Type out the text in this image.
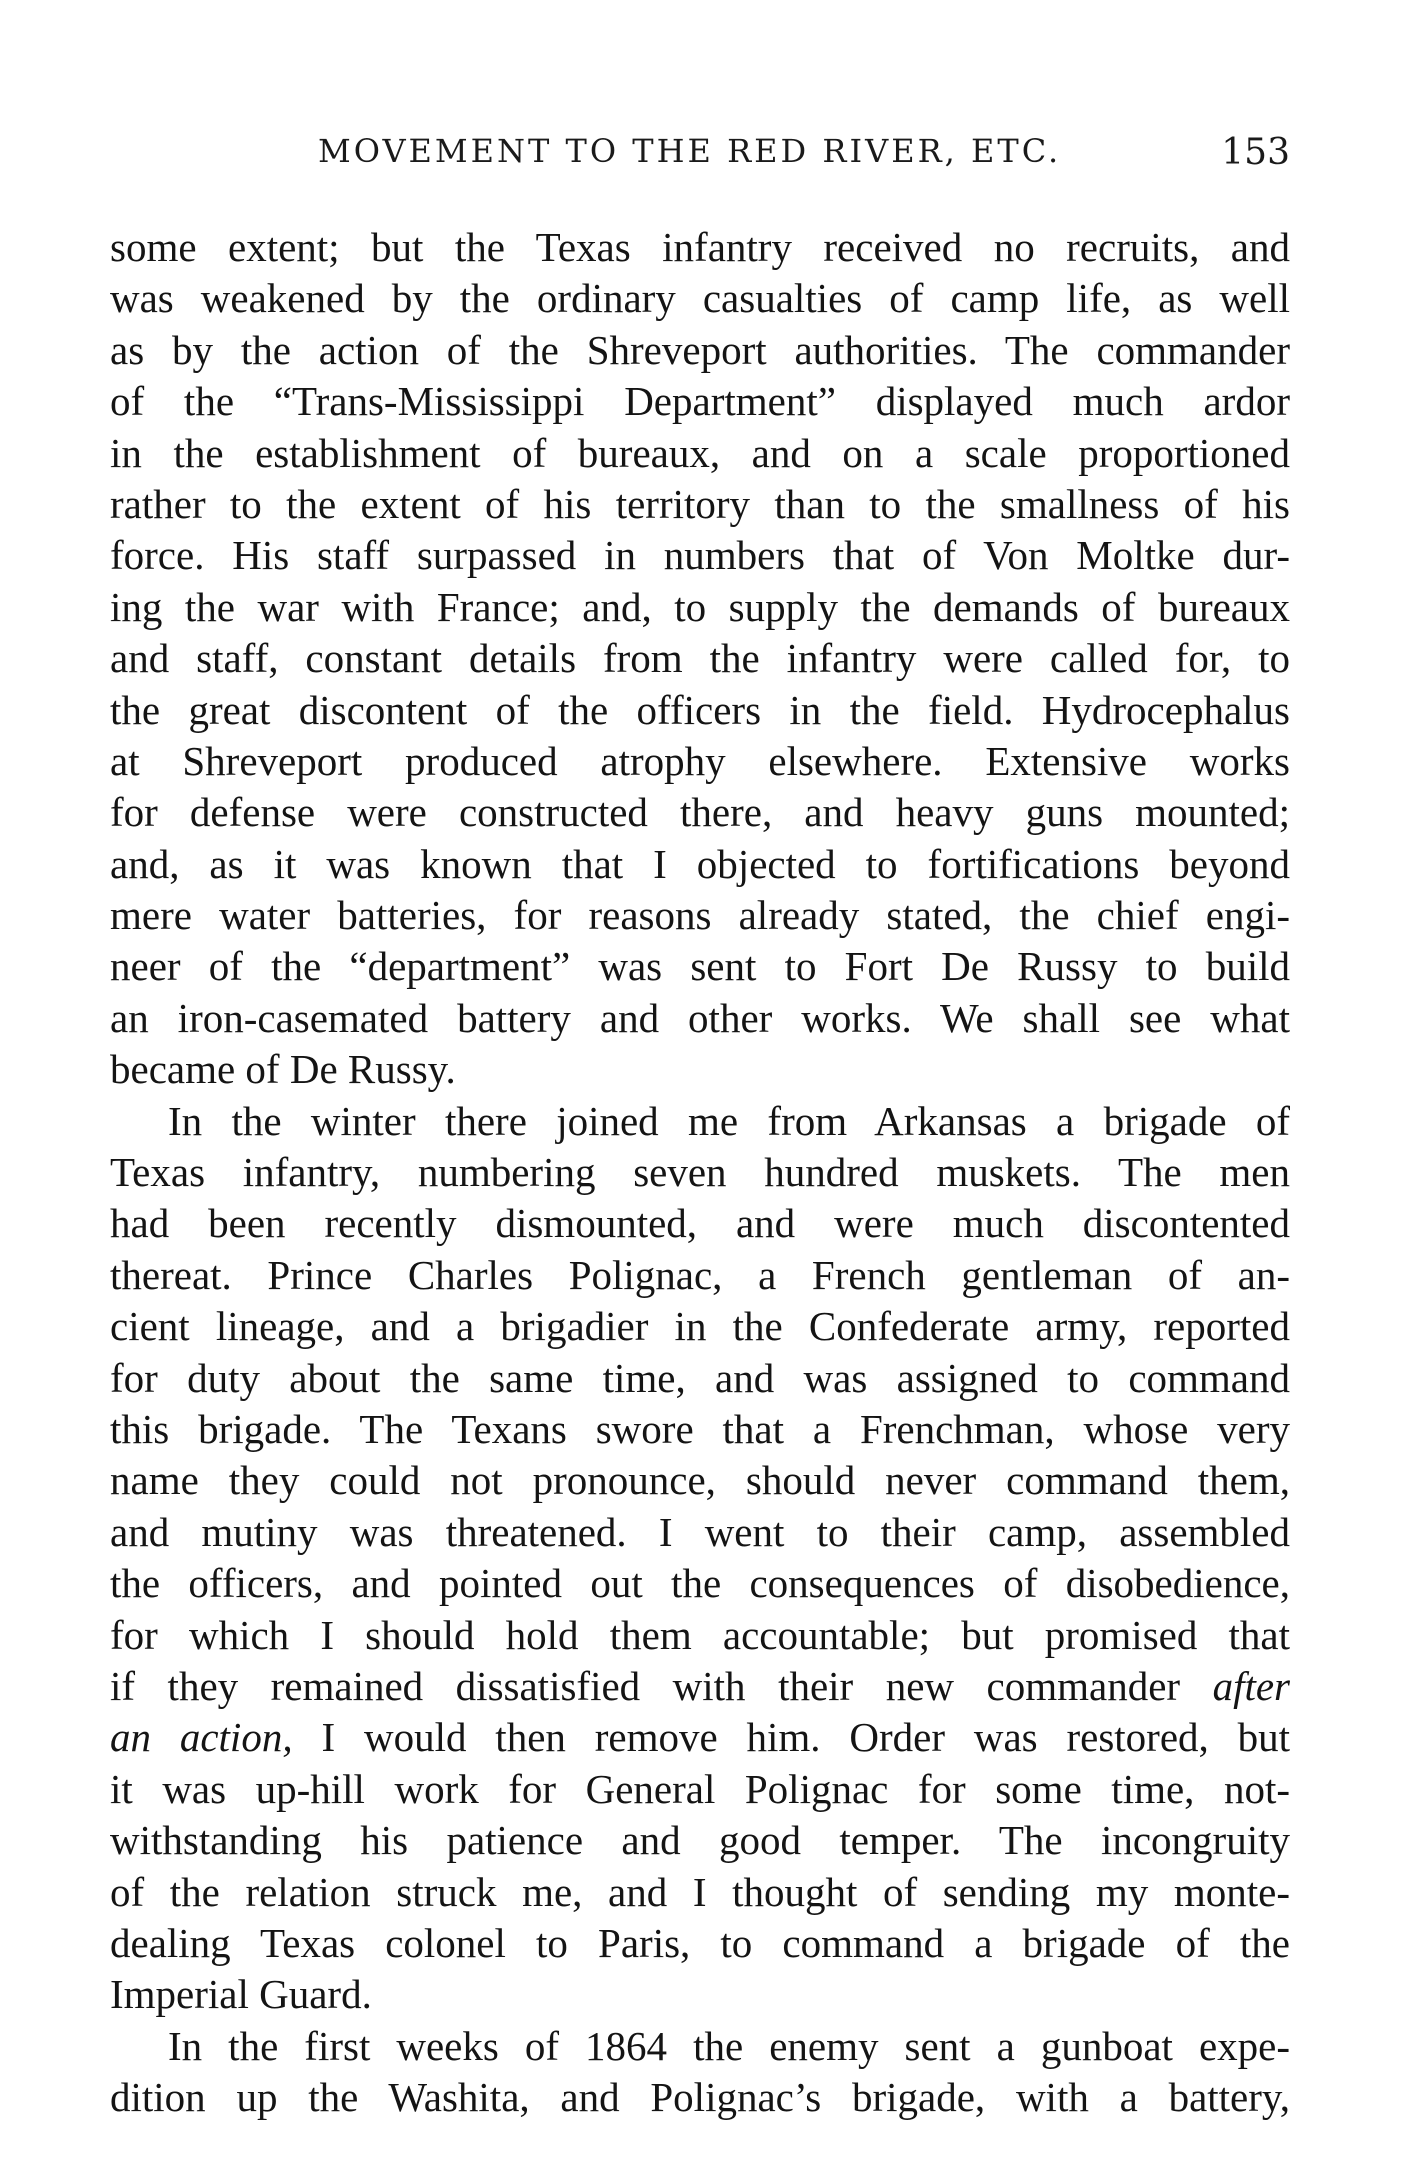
MOVEMENT TO THE RED RIVER, ETC.	153
some extent; but the Texas infantry received no recruits, and
was weakened by the ordinary casualties of camp life, as well
as by the action of the Shreveport authorities. The commander
of the “Trans-Mississippi Department” displayed much ardor
in the establishment of bureaux, and on a scale proportioned
rather to the extent of his territory than to the smallness of his
force. His staff surpassed in numbers that of Von Moltke dur-
ing the war with France; and, to supply the demands of bureaux
and staff, constant details from the infantry were called for, to
the great discontent of the officers in the field. Hydrocephalus
at Shreveport produced atrophy elsewhere. Extensive works
for defense were constructed there, and heavy guns mounted;
and, as it was known that I objected to fortifications beyond
mere water batteries, for reasons already stated, the chief engi-
neer of the “department” was sent to Fort De Russy to build
an iron-casemated battery and other works. We shall see what
became of De Russy.
In the winter there joined me from Arkansas a brigade of
Texas infantry, numbering seven hundred muskets. The men
had been recently dismounted, and were much discontented
thereat. Prince Charles Polignac, a French gentleman of an-
cient lineage, and a brigadier in the Confederate army, reported
for duty about the same time, and was assigned to command
this brigade. The Texans swore that a Frenchman, whose very
name they could not pronounce, should never command them,
and mutiny was threatened. I went to their camp, assembled
the officers, and pointed out the consequences of disobedience,
for which I should hold them accountable; but promised that
if they remained dissatisfied with their new commander after
an action, I would then remove him. Order was restored, but
it was up-hill work for General Polignac for some time, not-
withstanding his patience and good temper. The incongruity
of the relation struck me, and I thought of sending my monte-
dealing Texas colonel to Paris, to command a brigade of the
Imperial Guard.
In the first weeks of 1864 the enemy sent a gunboat expe-
dition up the Washita, and Polignac’s brigade, with a battery,
